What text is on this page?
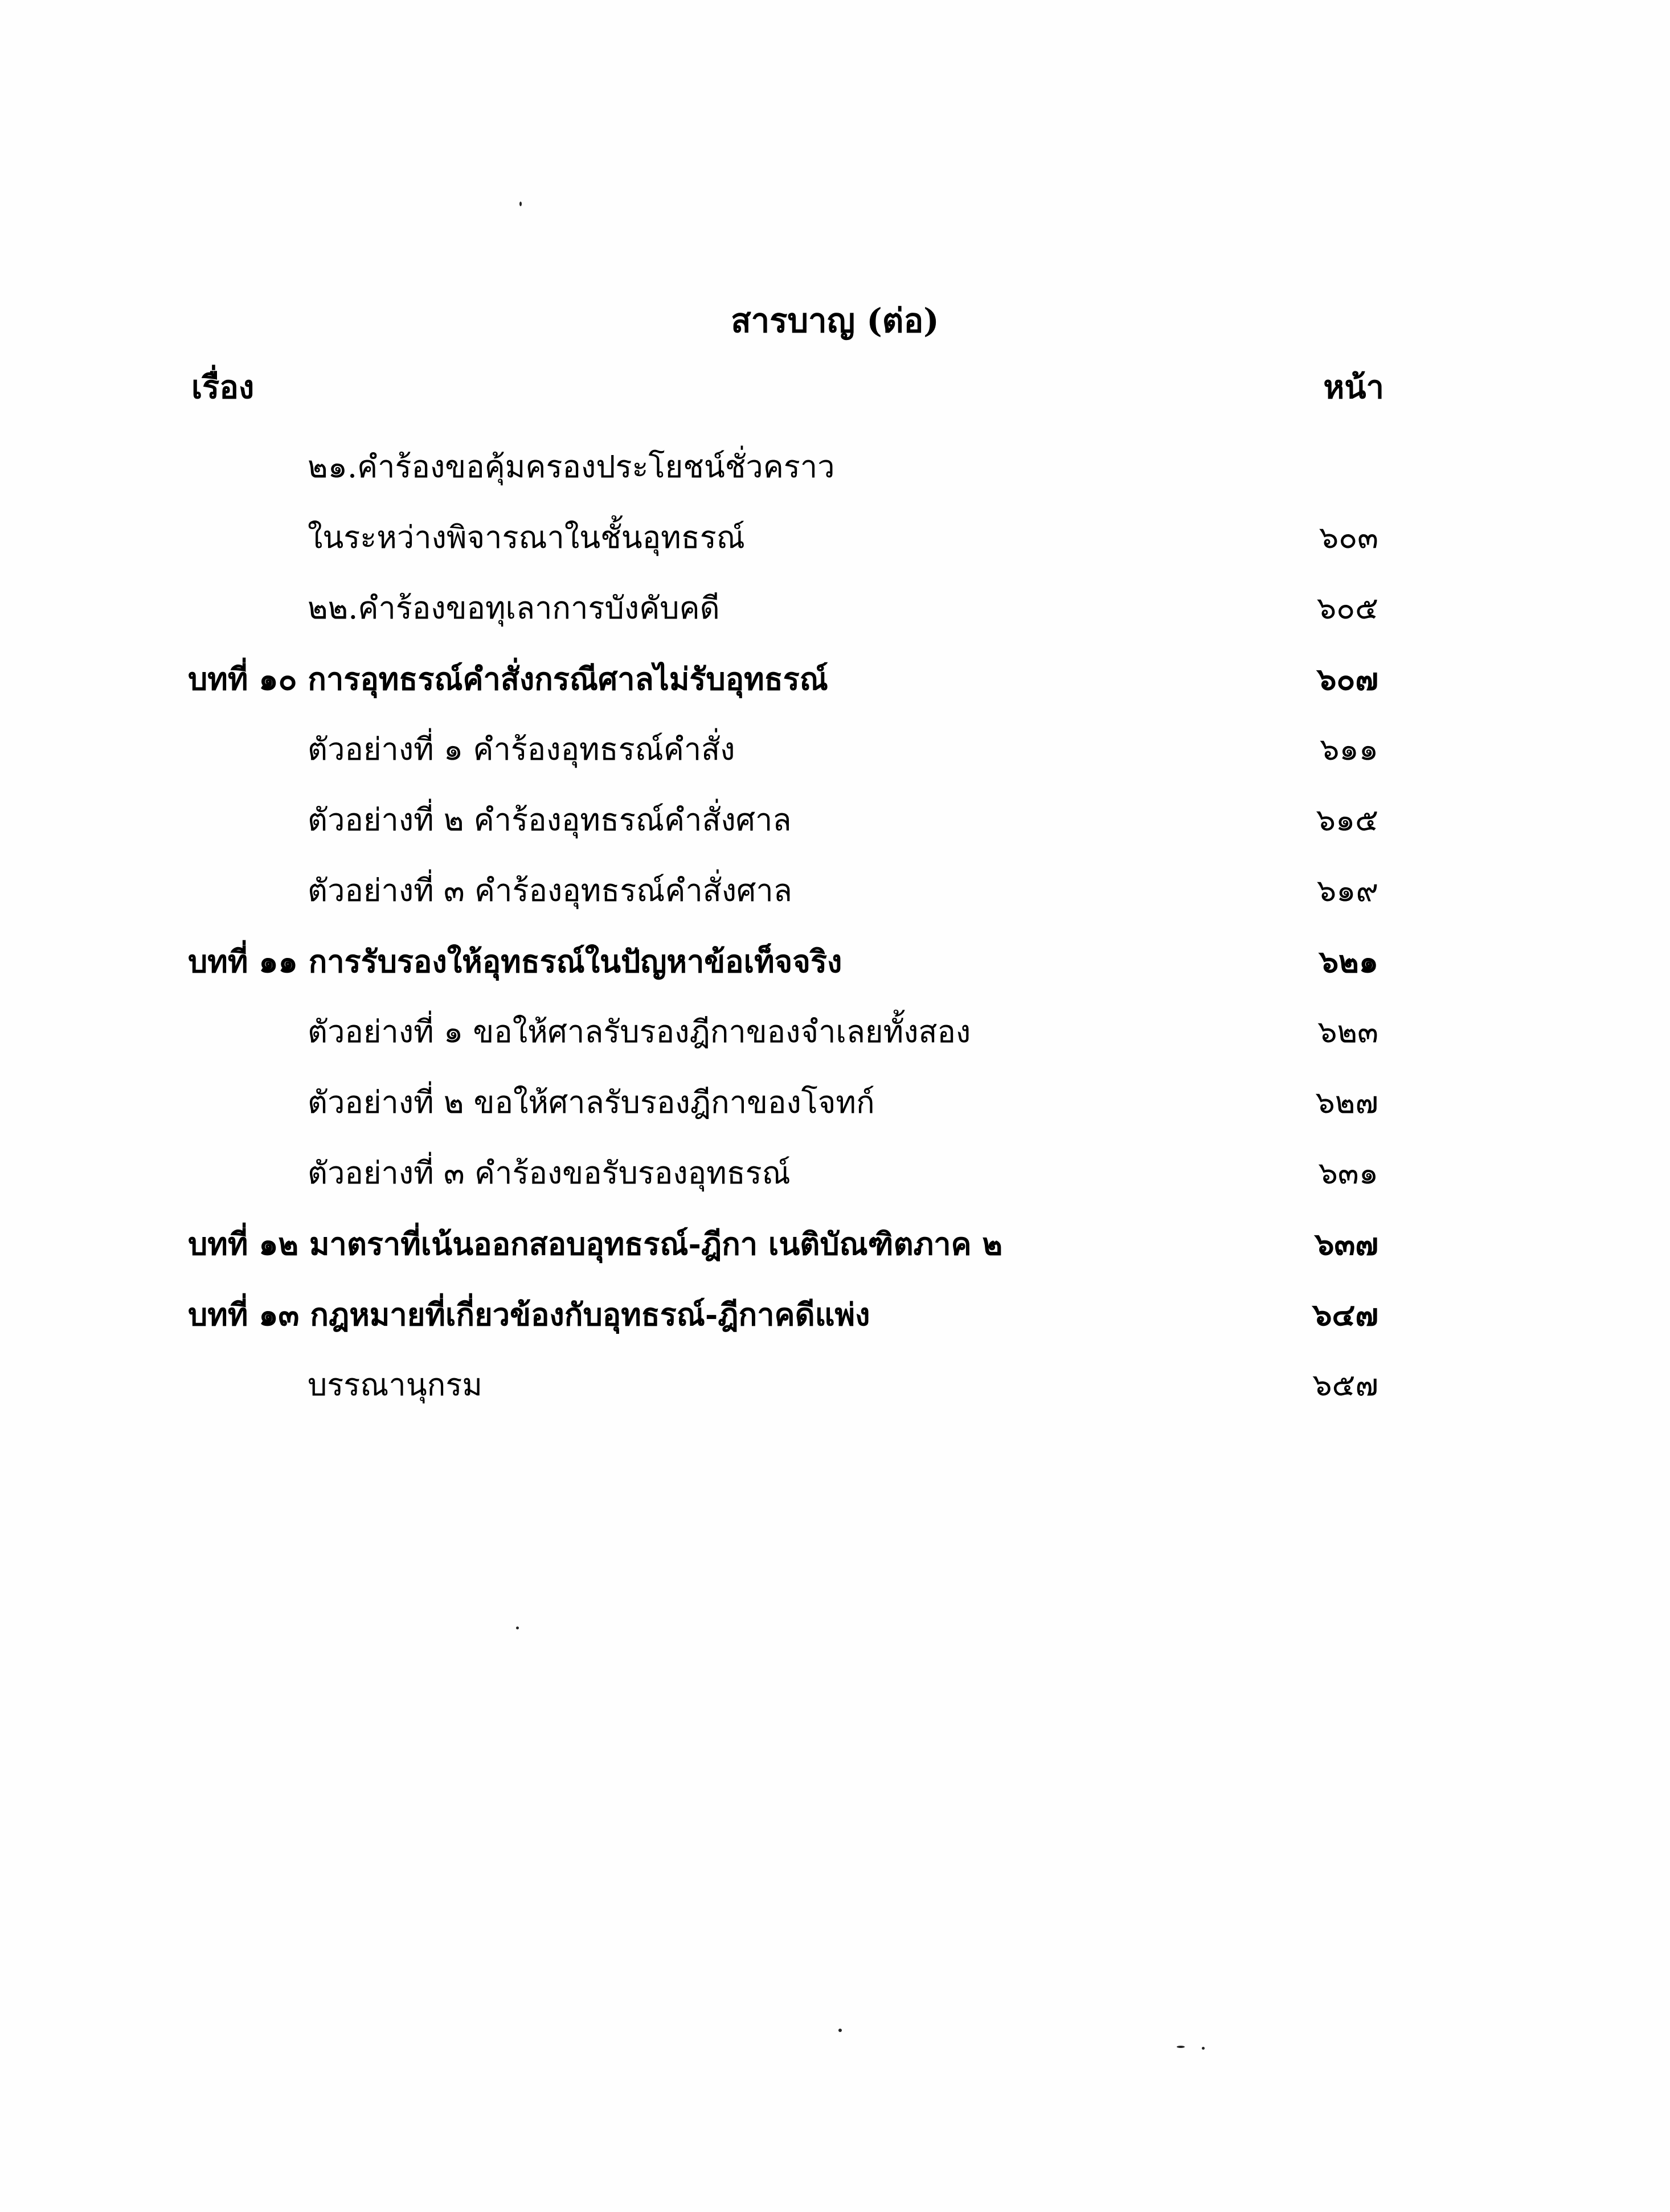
สารบาญ (ต่อ)
เรื่อง	หน้า
๒๑.คำร้องขอคุ้มครองประโยชน์ชั่วคราว
ในระหว่างพิจารณาในชั้นอุทธรณ์	๖๐๓
๒๒.คำร้องขอทุเลาการบังคับคดี	๖๐๕
บทที่ ๑๐ การอุทธรณ์คำสั่งกรณีศาลไม่รับอุทธรณ์	๖๐๗
ตัวอย่างที่ ๑ คำร้องอุทธรณ์คำสั่ง	๖๑๑
ตัวอย่างที่ ๒ คำร้องอุทธรณ์คำสั่งศาล	๖๑๕
ตัวอย่างที่ ๓ คำร้องอุทธรณ์คำสั่งศาล	๖๑๙
บทที่ ๑๑ การรับรองให้อุทธรณ์ในปัญหาข้อเท็จจริง	๖๒๑
ตัวอย่างที่ ๑ ขอให้ศาลรับรองฎีกาของจำเลยทั้งสอง	๖๒๓
ตัวอย่างที่ ๒ ขอให้ศาลรับรองฎีกาของโจทก์	๖๒๗
ตัวอย่างที่ ๓ คำร้องขอรับรองอุทธรณ์	๖๓๑
บทที่ ๑๒ มาตราที่เน้นออกสอบอุทธรณ์-ฎีกา เนติบัณฑิตภาค ๒	๖๓๗
บทที่ ๑๓ กฎหมายที่เกี่ยวข้องกับอุทธรณ์-ฎีกาคดีแพ่ง	๖๔๗
บรรณานุกรม	๖๕๗
